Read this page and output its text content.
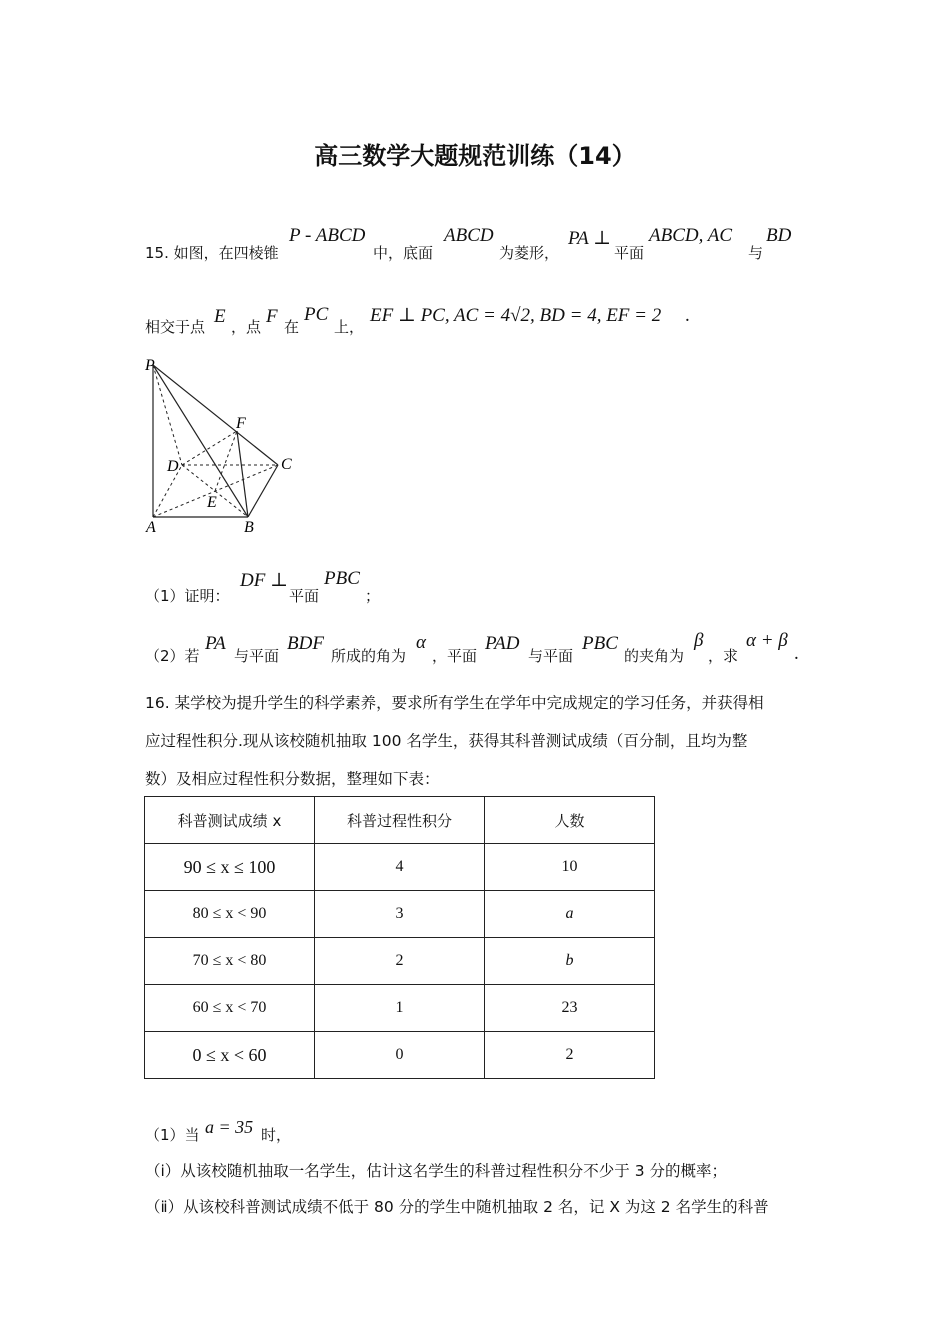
高三数学大题规范训练（14）
15. 如图，在四棱锥
P - ABCD
中，底面
ABCD
为菱形，
PA ⊥
平面
ABCD, AC
与
BD
相交于点 E ，点 F 在
PC
上，
EF ⊥ PC, AC = 4√2, BD = 4, EF = 2 .
P
F
D	C
E
A	B
（1）证明：
DF ⊥
平面
PBC
；
（2）若
PA
与平面
BDF
所成的角为
α
，平面
PAD
与平面
PBC
的夹角为
β
，求
α + β
.
16. 某学校为提升学生的科学素养，要求所有学生在学年中完成规定的学习任务，并获得相
应过程性积分.现从该校随机抽取 100 名学生，获得其科普测试成绩（百分制，且均为整
数）及相应过程性积分数据，整理如下表：
科普测试成绩 x	科普过程性积分	人数
90 ≤ x ≤ 100	4	10
80 ≤ x < 90	3	a
70 ≤ x < 80	2	b
60 ≤ x < 70	1	23
0 ≤ x < 60	0	2
（1）当 a = 35 时，
（i）从该校随机抽取一名学生，估计这名学生的科普过程性积分不少于 3 分的概率；
（ⅱ）从该校科普测试成绩不低于 80 分的学生中随机抽取 2 名，记 X 为这 2 名学生的科普
